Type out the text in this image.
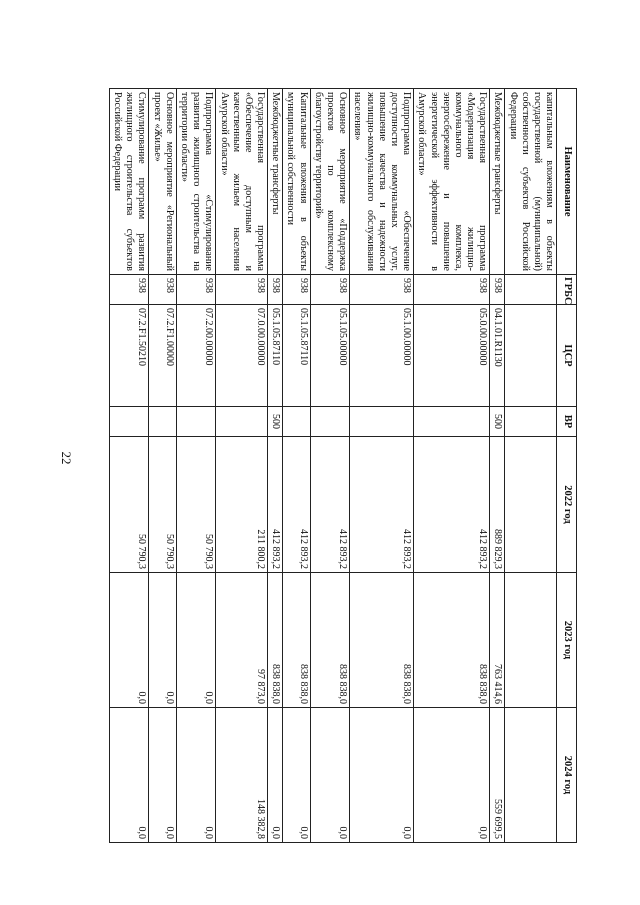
22
Наименование	ГРБС	ЦСР	ВР	2022 год	2023 год	2024 год
капитальным вложениям в объекты государственной (муниципальной) собственности субъектов Российской Федерации						
Межбюджетные трансферты	938	04.1.01.R1130	500	889 829,3	763 414,6	559 699,5

Государственная программа «Модернизация жилищно-коммунального комплекса, энергосбережение и повышение энергетической эффективности в Амурской области»	938	05.0.00.00000		412 893,2	838 838,0	0,0

Подпрограмма «Обеспечение доступности коммунальных услуг, повышение качества и надежности жилищно-коммунального обслуживания населения»	938	05.1.00.00000		412 893,2	838 838,0	0,0

Основное мероприятие «Поддержка проектов по комплексному благоустройству территорий»	938	05.1.05.00000		412 893,2	838 838,0	0,0

Капитальные вложения в объекты муниципальной собственности	938	05.1.05.87110		412 893,2	838 838,0	0,0

Межбюджетные трансферты	938	05.1.05.87110	500	412 893,2	838 838,0	0,0

Государственная программа «Обеспечение доступным и качественным жильем населения Амурской области»	938	07.0.00.00000		211 800,2	97 873,0	148 382,8

Подпрограмма «Стимулирование развития жилищного строительства на территории области»	938	07.2.00.00000		50 790,3	0,0	0,0

Основное мероприятие «Региональный проект «Жилье»	938	07.2.F1.00000		50 790,3	0,0	0,0

Стимулирование программ развития жилищного строительства субъектов Российской Федерации	938	07.2.F1.50210		50 790,3	0,0	0,0
